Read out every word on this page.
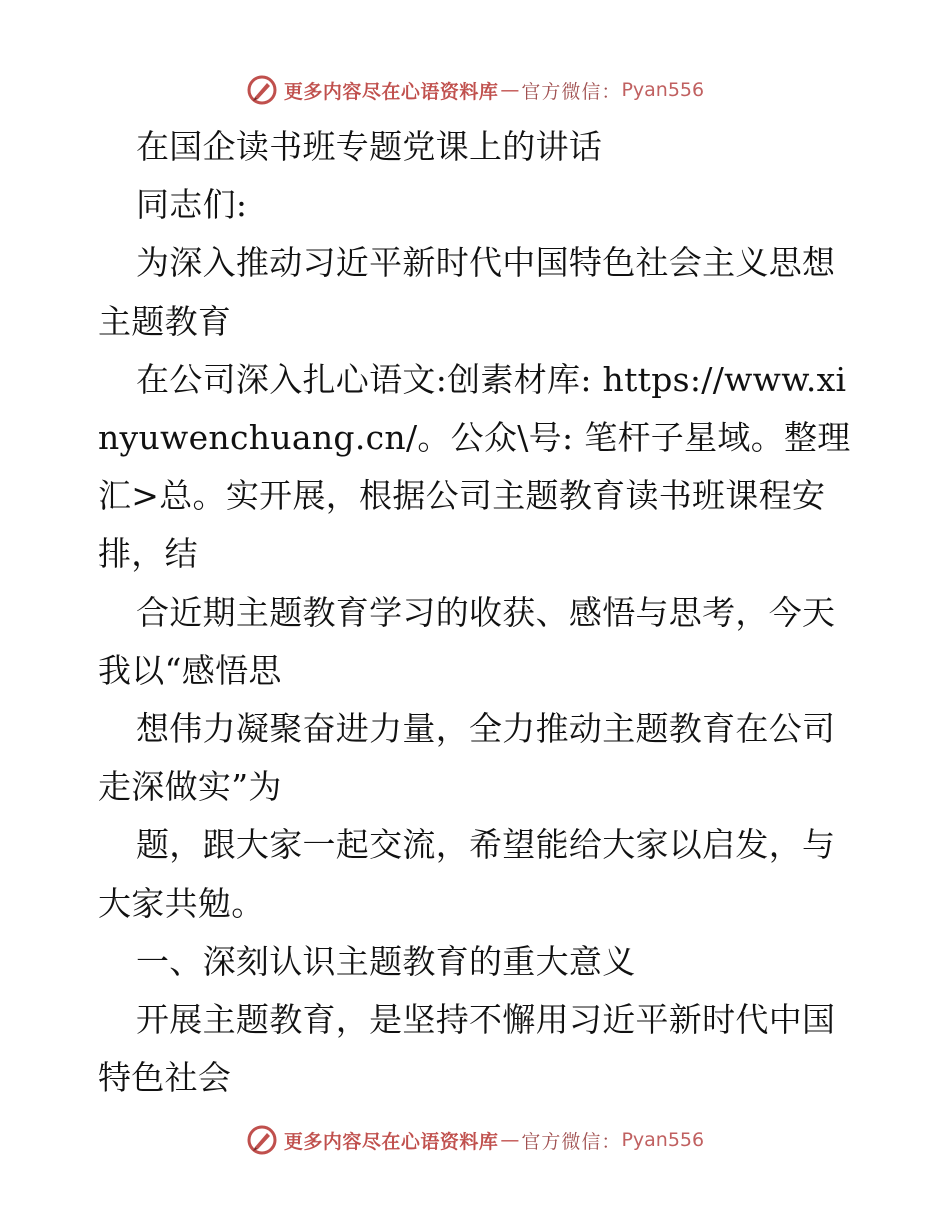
更多内容尽在心语资料库 — 官方微信： Pyan556

在国企读书班专题党课上的讲话

同志们:

为深入推动习近平新时代中国特色社会主义思想主题教育

在公司深入扎心语文:创素材库: https://www.xinyuwenchuang.cn/。公众\号: 笔杆子星域。整理汇>总。实开展，根据公司主题教育读书班课程安排，结

合近期主题教育学习的收获、感悟与思考，今天我以“感悟思

想伟力凝聚奋进力量，全力推动主题教育在公司走深做实”为

题，跟大家一起交流，希望能给大家以启发，与大家共勉。

一、深刻认识主题教育的重大意义

开展主题教育，是坚持不懈用习近平新时代中国特色社会

更多内容尽在心语资料库 — 官方微信： Pyan556
